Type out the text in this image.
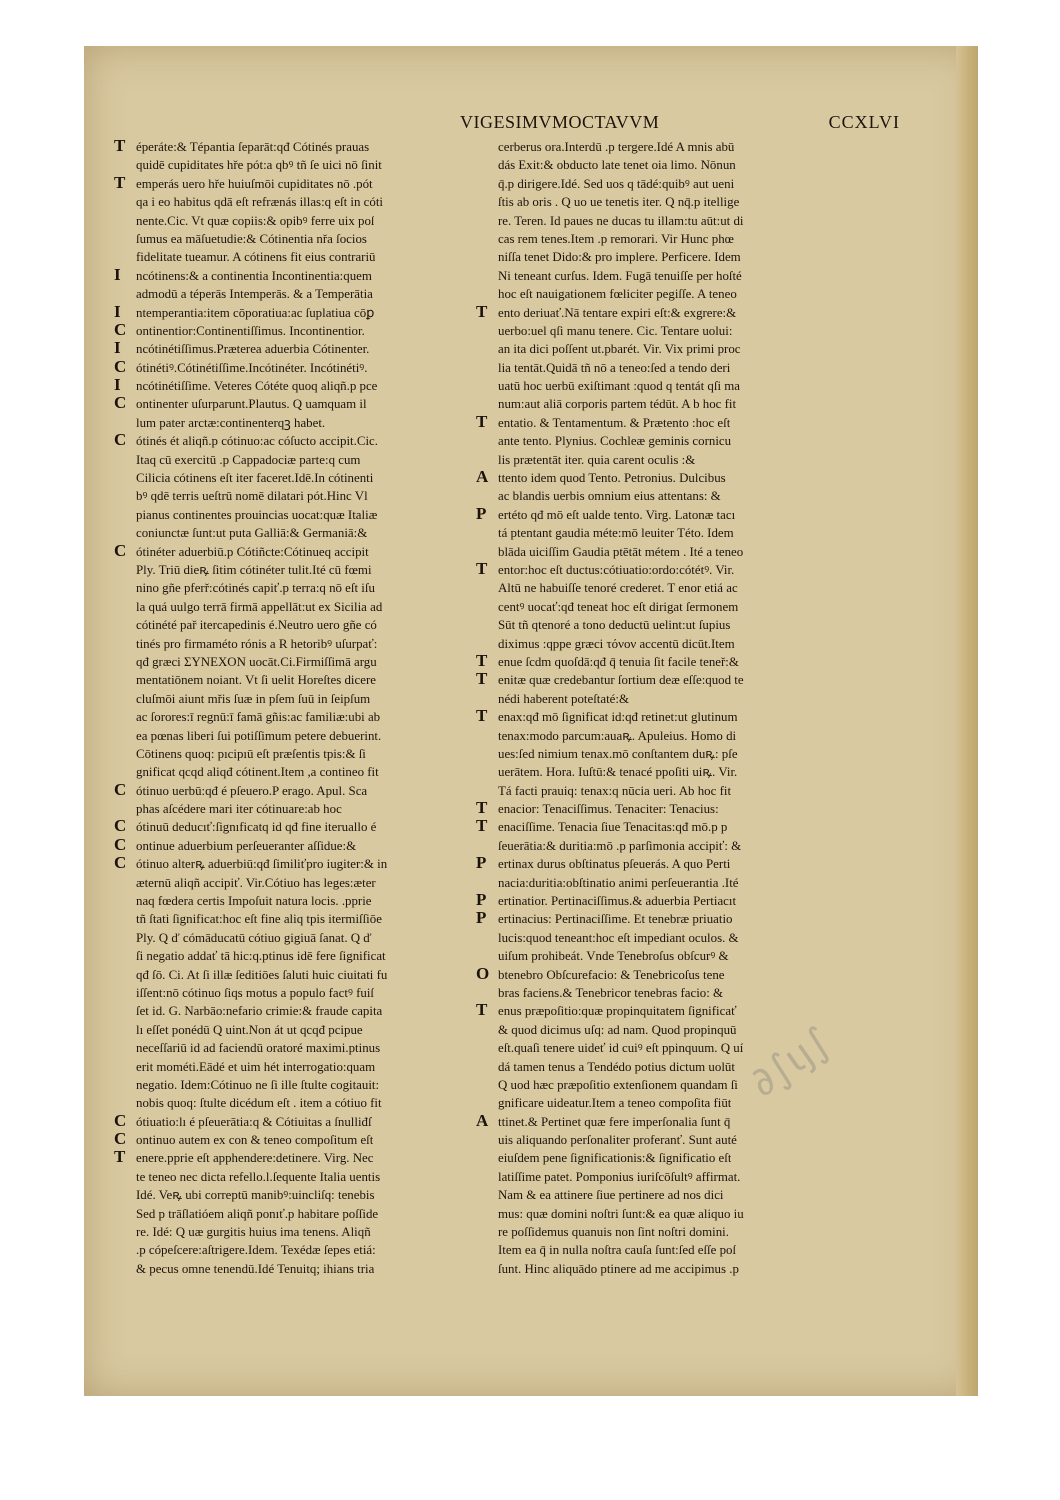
VIGESIMVMOCTAVVM	CCXLVI
T éperáte:& Tépantia ſeparāt:qđ Cótinés prauas
quidē cupiditates hře pót:a qbꝰ tñ ſe uici nō ſinit
T emperás uero hře huiuſmōi cupiditates nō .pót
qa i eo habitus qdā eſt refrænás illas:q eſt in cóti
nente.Cic. Vt quæ copiis:& opibꝰ ferre uix poſ
ſumus ea māſuetudie:& Cótinentia nřa ſocios
fidelitate tueamur. A cótinens fit eius contrariū
I	ncótinens:& a continentia Incontinentia:quem
admodū a téperās Intemperās. & a Temperātia
I	ntemperantia:item cōporatiua:ac ſuplatiua cōꝑ
C ontinentior:Continentiſſimus. Incontinentior.
I	ncótinétiſſimus.Præterea aduerbia Cótinenter.
C ótinétiꝰ.Cótinétiſſime.Incótinéter. Incótinétiꝰ.
I	ncótinétiſſime. Veteres Cótéte quoq aliqñ.p pce
C ontinenter uſurparunt.Plautus. Q uamquam il
lum pater arctæ:continenterqꝫ habet.
C ótinés ét aliqñ.p cótinuo:ac cóſucto accipit.Cic.
Itaq cū exercitū .p Cappadociæ parte:q cum
Cilicia cótinens eſt iter faceret.Idē.In cótinenti
bꝰ qdē terris ueſtrū nomē dilatari pót.Hinc Vl
pianus continentes prouincias uocat:quæ Italiæ
coniunctæ ſunt:ut puta Galliā:& Germaniā:&
C ótinéter aduerbiū.p Cótiñcte:Cótinueq accipit
Ply. Triū dieꝶ ſitim cótinéter tulit.Ité cū fœmi
nino gñe pferř:cótinés capiť.p terra:q nō eſt iſu
la quá uulgo terrā firmā appellāt:ut ex Sicilia ad
cótinété pař itercapedinis é.Neutro uero gñe có
tinés pro firmaméto rónis a R hetoribꝰ uſurpať:
qđ græci ΣΥΝΕΧΟΝ uocāt.Ci.Firmiſſimā argu
mentatiōnem noiant. Vt ſi uelit Horeſtes dicere
cluſmōi aiunt mřis ſuæ in pſem ſuū in ſeipſum
ac ſorores:ī regnū:ī famā gñis:ac familiæ:ubi ab
ea pœnas liberi ſui potiſſimum petere debuerint.
Cōtinens quoq: pıcipıū eſt præſentis tpis:& ſi
gnificat qcqd aliqđ cótinent.Item ,a contineo fit
C ótinuo uerbū:qđ é pſeuero.P erago. Apul. Sca
phas aſcédere mari iter cótinuare:ab hoc
C ótinuū deducıť:ſignıficatq id qđ fine iteruallo é
C ontinue aduerbium perſeueranter aſſidue:&
C ótinuo alterꝶ aduerbiū:qđ ſimiliťpro iugiter:& in
æternū aliqñ accipiť. Vir.Cótiuo has leges:æter
naq fœdera certis Impoſuit natura locis. .pprie
tñ ſtati ſignificat:hoc eſt fine aliq tpis itermiſſiōe
Ply. Q ď cómāducatū cótiuo gigiuā ſanat. Q ď
ſi negatio addať tā hic:q.ptinus idē fere ſignificat
qđ ſō. Ci. At ſi illæ ſeditiōes ſaluti huic ciuitati fu
iſſent:nō cótinuo ſiqs motus a populo factꝰ fuiſ
ſet id. G. Narbāo:nefario crimie:& fraude capita
lı eſſet ponédū Q uint.Non át ut qcqđ pcipue
neceſſariū id ad faciendū oratoré maximi.ptinus
erit mométi.Eādé et uim hét interrogatio:quam
negatio. Idem:Cótinuo ne ſi ille ſtulte cogitauit:
nobis quoq: ſtulte dicédum eſt . item a cótiuo fit
C ótiuatio:lı é pſeuerātia:q & Cótiuitas a ſnulliđſ
C ontinuo autem ex con & teneo compoſitum eſt
T enere.pprie eſt apphendere:detinere. Virg. Nec
te teneo nec dicta refello.l.ſequente Italia uentis
Idé. Veꝶ ubi correptū manibꝰ:uincliſq: tenebis
Sed p trāſlatióem aliqñ ponıť.p habitare poſſide
re. Idé: Q uæ gurgitis huius ima tenens. Aliqñ
.p cópeſcere:aſtrigere.Idem. Texédæ ſepes etiá:
& pecus omne tenendū.Idé Tenuitq; ihians tria
cerberus ora.Interdū .p tergere.Idé A mnis abū
dás Exit:& obducto late tenet oia limo. Nōnun
q̄.p dirigere.Idé. Sed uos q tādé:quibꝰ aut ueni
ſtis ab oris . Q uo ue tenetis iter. Q nq̄.p itellige
re. Teren. Id paues ne ducas tu illam:tu aūt:ut di
cas rem tenes.Item .p remorari. Vir Hunc phœ
niſſa tenet Dido:& pro implere. Perficere. Idem
Ni teneant curſus. Idem. Fugā tenuiſſe per hoſté
hoc eſt nauigationem fœliciter pegiſſe. A teneo
T ento deriuať.Nā tentare expiri eſt:& exgrere:&
uerbo:uel qſi manu tenere. Cic. Tentare uolui:
an ita dici poſſent ut.pbarét. Vir. Vix primi proc
lia tentāt.Quidā tñ nō a teneo:ſed a tendo deri
uatū hoc uerbū exiſtimant :quod q tentát qſi ma
num:aut aliā corporis partem tédūt. A b hoc fit
T entatio. & Tentamentum. & Prætento :hoc eſt
ante tento. Plynius. Cochleæ geminis cornicu
lis prætentāt iter. quia carent oculis :&
A ttento idem quod Tento. Petronius. Dulcibus
ac blandis uerbis omnium eius attentans: &
P ertéto qđ mō eſt ualde tento. Virg. Latonæ tacı
tá ptentant gaudia méte:mō leuiter Této. Idem
blāda uiciſſim Gaudia ptētāt métem . Ité a teneo
T entor:hoc eſt ductus:cótiuatio:ordo:cótétꝰ. Vir.
Altū ne habuiſſe tenoré crederet. T enor etiá ac
centꝰ uocať:qđ teneat hoc eſt dirigat ſermonem
Sūt tñ qtenoré a tono deductū uelint:ut ſupius
diximus :qppe græci τόνον accentū dicūt.Item
T enue ſcdm quoſdā:qđ q̄ tenuia ſit facile teneř:&
T enitæ quæ credebantur ſortium deæ eſſe:quod te
nédi haberent poteſtaté:&
T enax:qđ mō ſignificat id:qđ retinet:ut glutinum
tenax:modo parcum:auaꝶ. Apuleius. Homo di
ues:ſed nimium tenax.mō conſtantem duꝶ: pſe
uerātem. Hora. Iuſtū:& tenacé ppoſiti uiꝶ. Vir.
Tá facti prauiq: tenax:q nūcia ueri. Ab hoc fit
T enacior: Tenaciſſimus. Tenaciter: Tenacius:
T enaciſſime. Tenacia ſiue Tenacitas:qđ mō.p p
ſeuerātia:& duritia:mō .p parſimonia accipiť: &
P ertinax durus obſtinatus pſeuerás. A quo Perti
nacia:duritia:obſtinatio animi perſeuerantia .Ité
P ertinatior. Pertinaciſſimus.& aduerbia Pertiacıt
P ertinacius: Pertinaciſſime. Et tenebræ priuatio
lucis:quod teneant:hoc eſt impediant oculos. &
uiſum prohibeát. Vnde Tenebroſus obſcurꝰ &
O btenebro Obſcurefacio: & Tenebricoſus tene
bras faciens.& Tenebricor tenebras facio: &
T enus præpoſitio:quæ propinquitatem ſignificať
& quod dicimus uſq: ad nam. Quod propinquū
eſt.quaſi tenere uideť id cuiꝰ eſt ppinquum. Q uí
dá tamen tenus a Tendédo potius dictum uolūt
Q uod hæc præpoſitio extenſionem quandam ſi
gnificare uideatur.Item a teneo compoſita fiūt
A ttinet.& Pertinet quæ fere imperſonalia ſunt q̄
uis aliquando perſonaliter proferanť. Sunt auté
eiuſdem pene ſignificationis:& ſignificatio eſt
latiſſime patet. Pomponius iuriſcōſultꝰ affirmat.
Nam & ea attinere ſiue pertinere ad nos dici
mus: quæ domini noſtri ſunt:& ea quæ aliquo iu
re poſſidemus quanuis non ſint noſtri domini.
Item ea q̄ in nulla noſtra cauſa ſunt:ſed eſſe poſ
ſunt. Hinc aliquādo ptinere ad me accipimus .p
∂∫ιȷ∫
